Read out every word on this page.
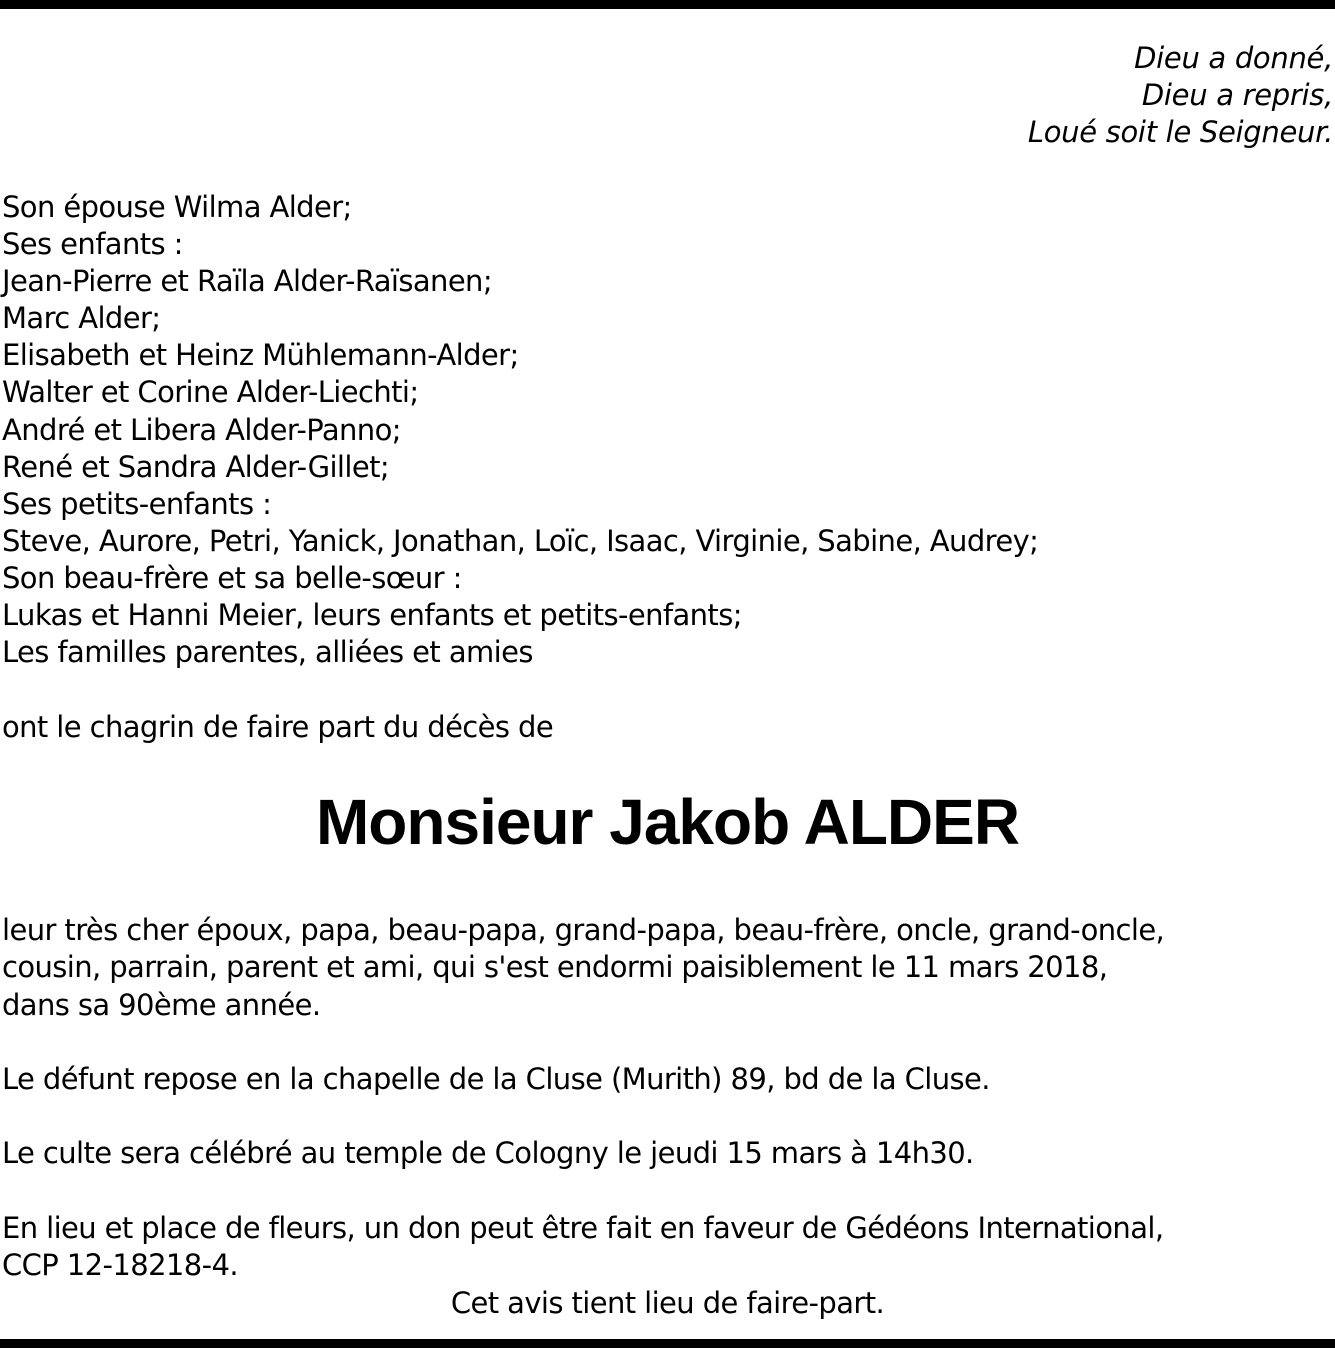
Dieu a donné,
Dieu a repris,
Loué soit le Seigneur.
Son épouse Wilma Alder;
Ses enfants :
Jean-Pierre et Raïla Alder-Raïsanen;
Marc Alder;
Elisabeth et Heinz Mühlemann-Alder;
Walter et Corine Alder-Liechti;
André et Libera Alder-Panno;
René et Sandra Alder-Gillet;
Ses petits-enfants :
Steve, Aurore, Petri, Yanick, Jonathan, Loïc, Isaac, Virginie, Sabine, Audrey;
Son beau-frère et sa belle-sœur :
Lukas et Hanni Meier, leurs enfants et petits-enfants;
Les familles parentes, alliées et amies
ont le chagrin de faire part du décès de
Monsieur Jakob ALDER
leur très cher époux, papa, beau-papa, grand-papa, beau-frère, oncle, grand-oncle,
cousin, parrain, parent et ami, qui s'est endormi paisiblement le 11 mars 2018,
dans sa 90ème année.
Le défunt repose en la chapelle de la Cluse (Murith) 89, bd de la Cluse.
Le culte sera célébré au temple de Cologny le jeudi 15 mars à 14h30.
En lieu et place de fleurs, un don peut être fait en faveur de Gédéons International,
CCP 12-18218-4.
Cet avis tient lieu de faire-part.
